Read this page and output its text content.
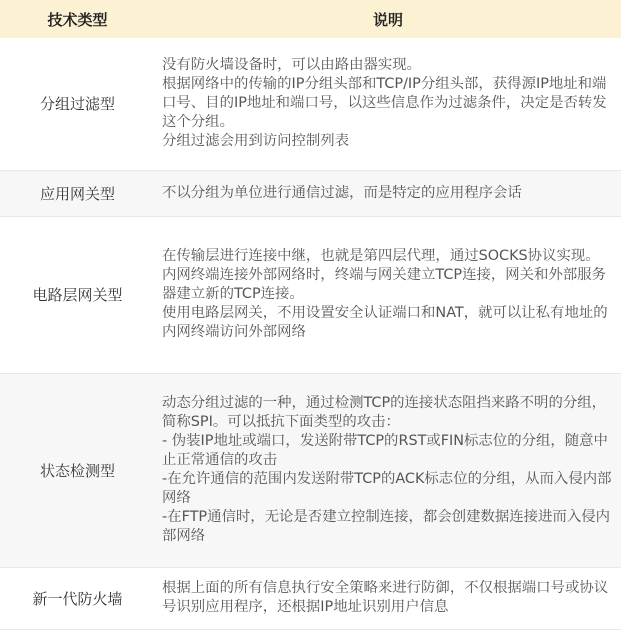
技术类型	说明
分组过滤型	没有防火墙设备时，可以由路由器实现。
根据网络中的传输的IP分组头部和TCP/IP分组头部，获得源IP地址和端口号、目的IP地址和端口号，以这些信息作为过滤条件，决定是否转发这个分组。
分组过滤会用到访问控制列表

应用网关型	不以分组为单位进行通信过滤，而是特定的应用程序会话

电路层网关型	在传输层进行连接中继，也就是第四层代理，通过SOCKS协议实现。
内网终端连接外部网络时，终端与网关建立TCP连接，网关和外部服务器建立新的TCP连接。
使用电路层网关，不用设置安全认证端口和NAT，就可以让私有地址的内网终端访问外部网络

状态检测型	动态分组过滤的一种，通过检测TCP的连接状态阻挡来路不明的分组，简称SPI。可以抵抗下面类型的攻击：
- 伪装IP地址或端口，发送附带TCP的RST或FIN标志位的分组，随意中止正常通信的攻击
-在允许通信的范围内发送附带TCP的ACK标志位的分组，从而入侵内部网络
-在FTP通信时，无论是否建立控制连接，都会创建数据连接进而入侵内部网络

新一代防火墙	根据上面的所有信息执行安全策略来进行防御，不仅根据端口号或协议号识别应用程序，还根据IP地址识别用户信息
